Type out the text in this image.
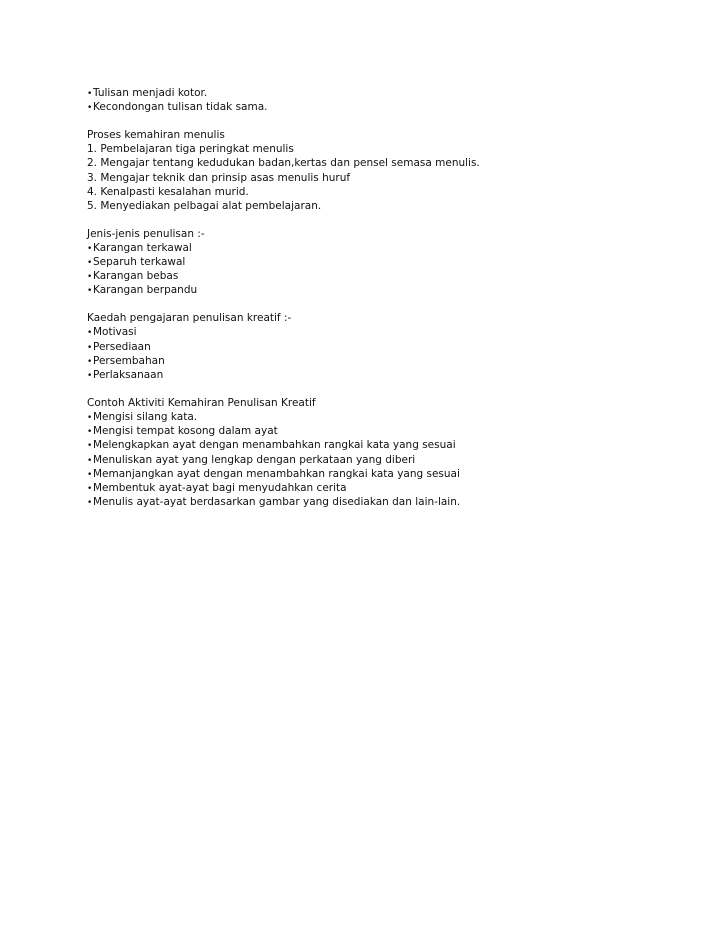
• Tulisan menjadi kotor.
• Kecondongan tulisan tidak sama.
Proses kemahiran menulis
1. Pembelajaran tiga peringkat menulis
2. Mengajar tentang kedudukan badan,kertas dan pensel semasa menulis.
3. Mengajar teknik dan prinsip asas menulis huruf
4. Kenalpasti kesalahan murid.
5. Menyediakan pelbagai alat pembelajaran.
Jenis-jenis penulisan :-
• Karangan terkawal
• Separuh terkawal
• Karangan bebas
• Karangan berpandu
Kaedah pengajaran penulisan kreatif :-
• Motivasi
• Persediaan
• Persembahan
• Perlaksanaan
Contoh Aktiviti Kemahiran Penulisan Kreatif
• Mengisi silang kata.
• Mengisi tempat kosong dalam ayat
• Melengkapkan ayat dengan menambahkan rangkai kata yang sesuai
• Menuliskan ayat yang lengkap dengan perkataan yang diberi
• Memanjangkan ayat dengan menambahkan rangkai kata yang sesuai
• Membentuk ayat-ayat bagi menyudahkan cerita
• Menulis ayat-ayat berdasarkan gambar yang disediakan dan lain-lain.
